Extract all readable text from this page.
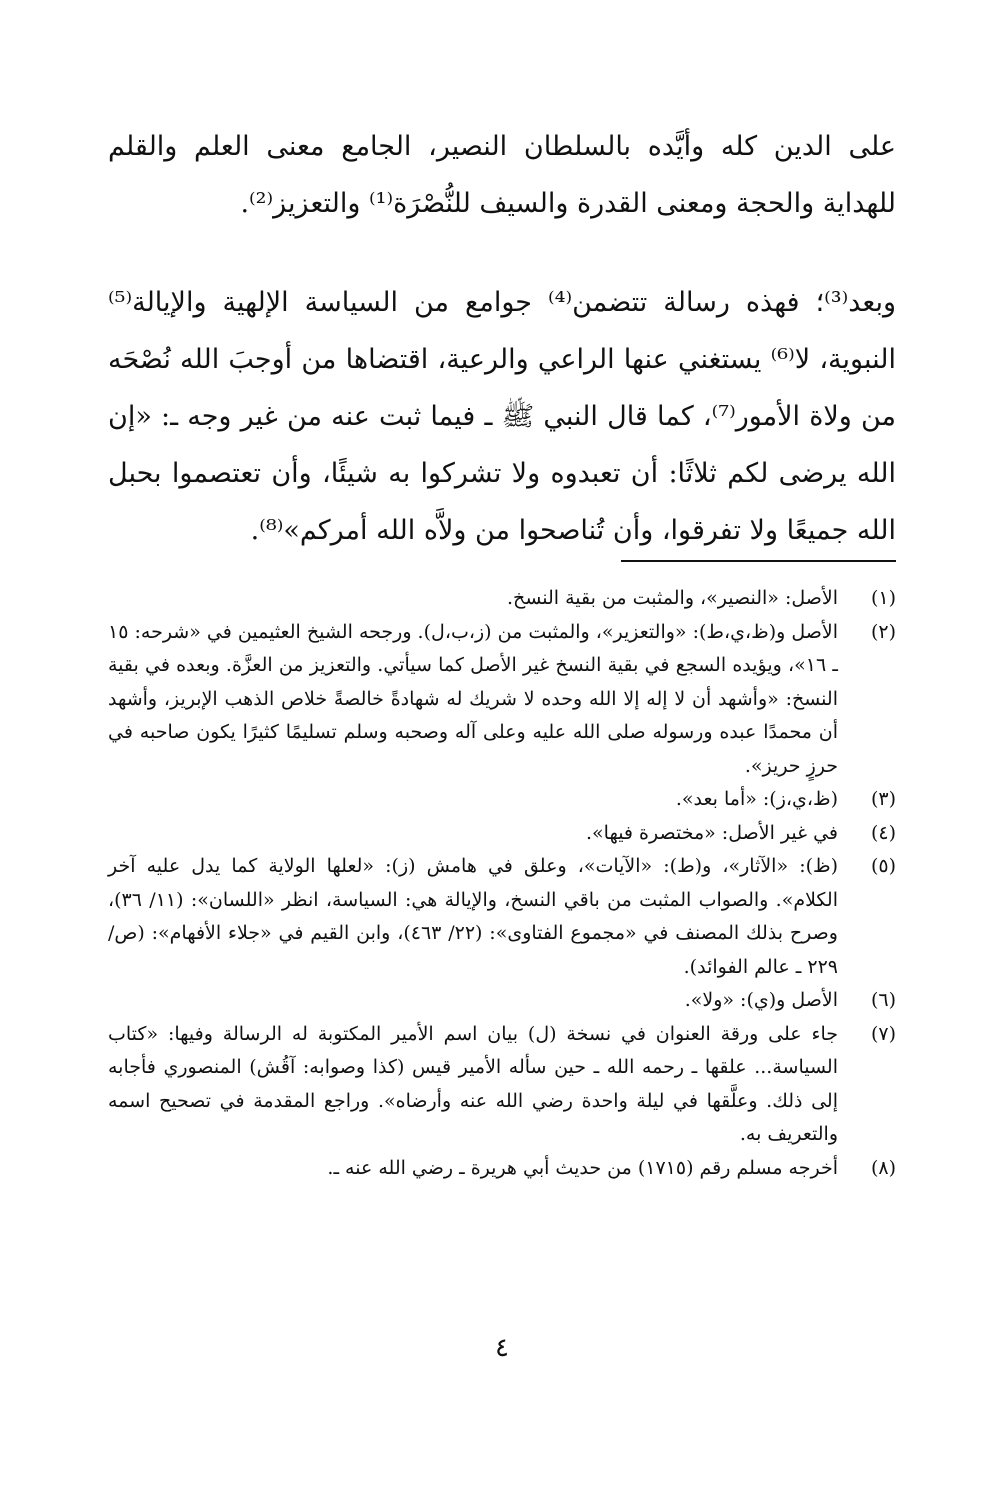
على الدين كله وأيَّده بالسلطان النصير، الجامع معنى العلم والقلم للهداية والحجة ومعنى القدرة والسيف للنُّصْرَة⁽¹⁾ والتعزيز⁽²⁾.

وبعد⁽³⁾؛ فهذه رسالة تتضمن⁽⁴⁾ جوامع من السياسة الإلهية والإيالة⁽⁵⁾ النبوية، لا⁽⁶⁾ يستغني عنها الراعي والرعية، اقتضاها من أوجبَ الله نُصْحَه من ولاة الأمور⁽⁷⁾، كما قال النبي ﷺ ـ فيما ثبت عنه من غير وجه ـ: «إن الله يرضى لكم ثلاثًا: أن تعبدوه ولا تشركوا به شيئًا، وأن تعتصموا بحبل الله جميعًا ولا تفرقوا، وأن تُناصحوا من ولاَّه الله أمركم»⁽⁸⁾.

(١)
الأصل: «النصير»، والمثبت من بقية النسخ.
(٢)
الأصل و(ظ،ي،ط): «والتعزير»، والمثبت من (ز،ب،ل). ورجحه الشيخ العثيمين في «شرحه: ١٥ ـ ١٦»، ويؤيده السجع في بقية النسخ غير الأصل كما سيأتي. والتعزيز من العزَّة. وبعده في بقية النسخ: «وأشهد أن لا إله إلا الله وحده لا شريك له شهادةً خالصةً خلاص الذهب الإبريز، وأشهد أن محمدًا عبده ورسوله صلى الله عليه وعلى آله وصحبه وسلم تسليمًا كثيرًا يكون صاحبه في حرزٍ حريز».
(٣)
(ظ،ي،ز): «أما بعد».
(٤)
في غير الأصل: «مختصرة فيها».
(٥)
(ظ): «الآثار»، و(ط): «الآيات»، وعلق في هامش (ز): «لعلها الولاية كما يدل عليه آخر الكلام». والصواب المثبت من باقي النسخ، والإيالة هي: السياسة، انظر «اللسان»: (١١/ ٣٦)، وصرح بذلك المصنف في «مجموع الفتاوى»: (٢٢/ ٤٦٣)، وابن القيم في «جلاء الأفهام»: (ص/ ٢٢٩ ـ عالم الفوائد).
(٦)
الأصل و(ي): «ولا».
(٧)
جاء على ورقة العنوان في نسخة (ل) بيان اسم الأمير المكتوبة له الرسالة وفيها: «كتاب السياسة... علقها ـ رحمه الله ـ حين سأله الأمير قيس (كذا وصوابه: آقُش) المنصوري فأجابه إلى ذلك. وعلَّقها في ليلة واحدة رضي الله عنه وأرضاه». وراجع المقدمة في تصحيح اسمه والتعريف به.
(٨)
أخرجه مسلم رقم (١٧١٥) من حديث أبي هريرة ـ رضي الله عنه ـ.
٤
